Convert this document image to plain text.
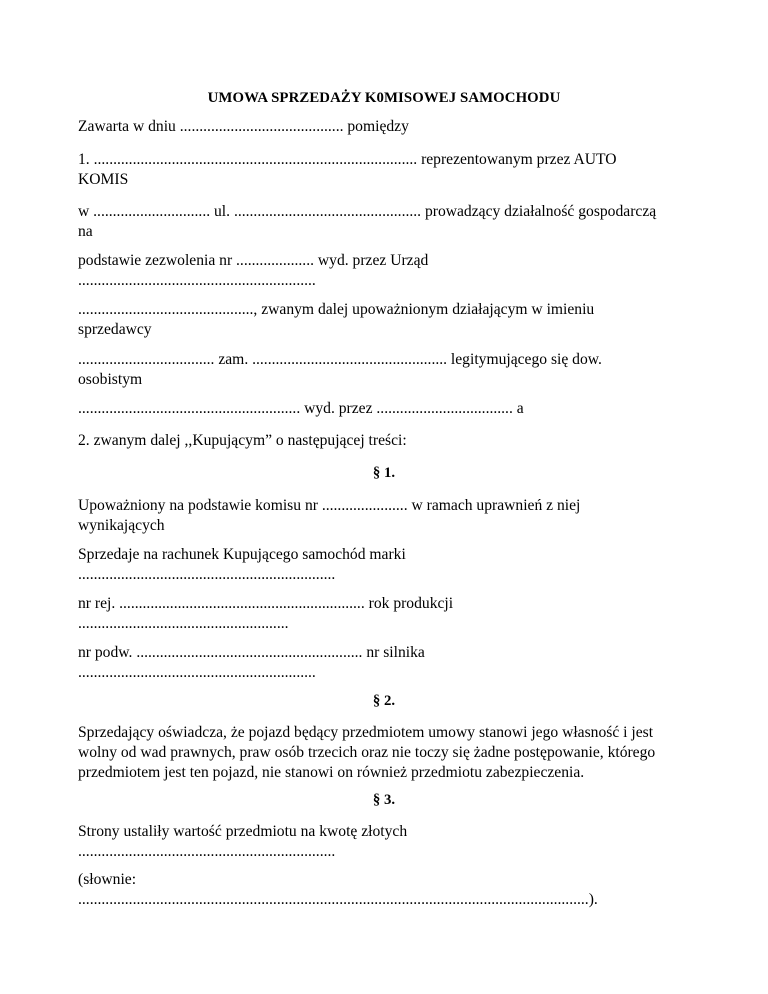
UMOWA SPRZEDAŻY K0MISOWEJ SAMOCHODU
Zawarta w dniu .......................................... pomiędzy
1. ................................................................................... reprezentowanym przez AUTO
KOMIS
w .............................. ul. ................................................ prowadzący działalność gospodarczą
na
podstawie zezwolenia nr .................... wyd. przez Urząd
.............................................................
............................................., zwanym dalej upoważnionym działającym w imieniu
sprzedawcy
................................... zam. .................................................. legitymującego się dow.
osobistym
......................................................... wyd. przez ................................... a
2. zwanym dalej ,,Kupującym” o następującej treści:
§ 1.
Upoważniony na podstawie komisu nr ...................... w ramach uprawnień z niej
wynikających
Sprzedaje na rachunek Kupującego samochód marki
..................................................................
nr rej. ............................................................... rok produkcji
......................................................
nr podw. .......................................................... nr silnika
.............................................................
§ 2.
Sprzedający oświadcza, że pojazd będący przedmiotem umowy stanowi jego własność i jest
wolny od wad prawnych, praw osób trzecich oraz nie toczy się żadne postępowanie, którego
przedmiotem jest ten pojazd, nie stanowi on również przedmiotu zabezpieczenia.
§ 3.
Strony ustaliły wartość przedmiotu na kwotę złotych
..................................................................
(słownie:
...................................................................................................................................).
